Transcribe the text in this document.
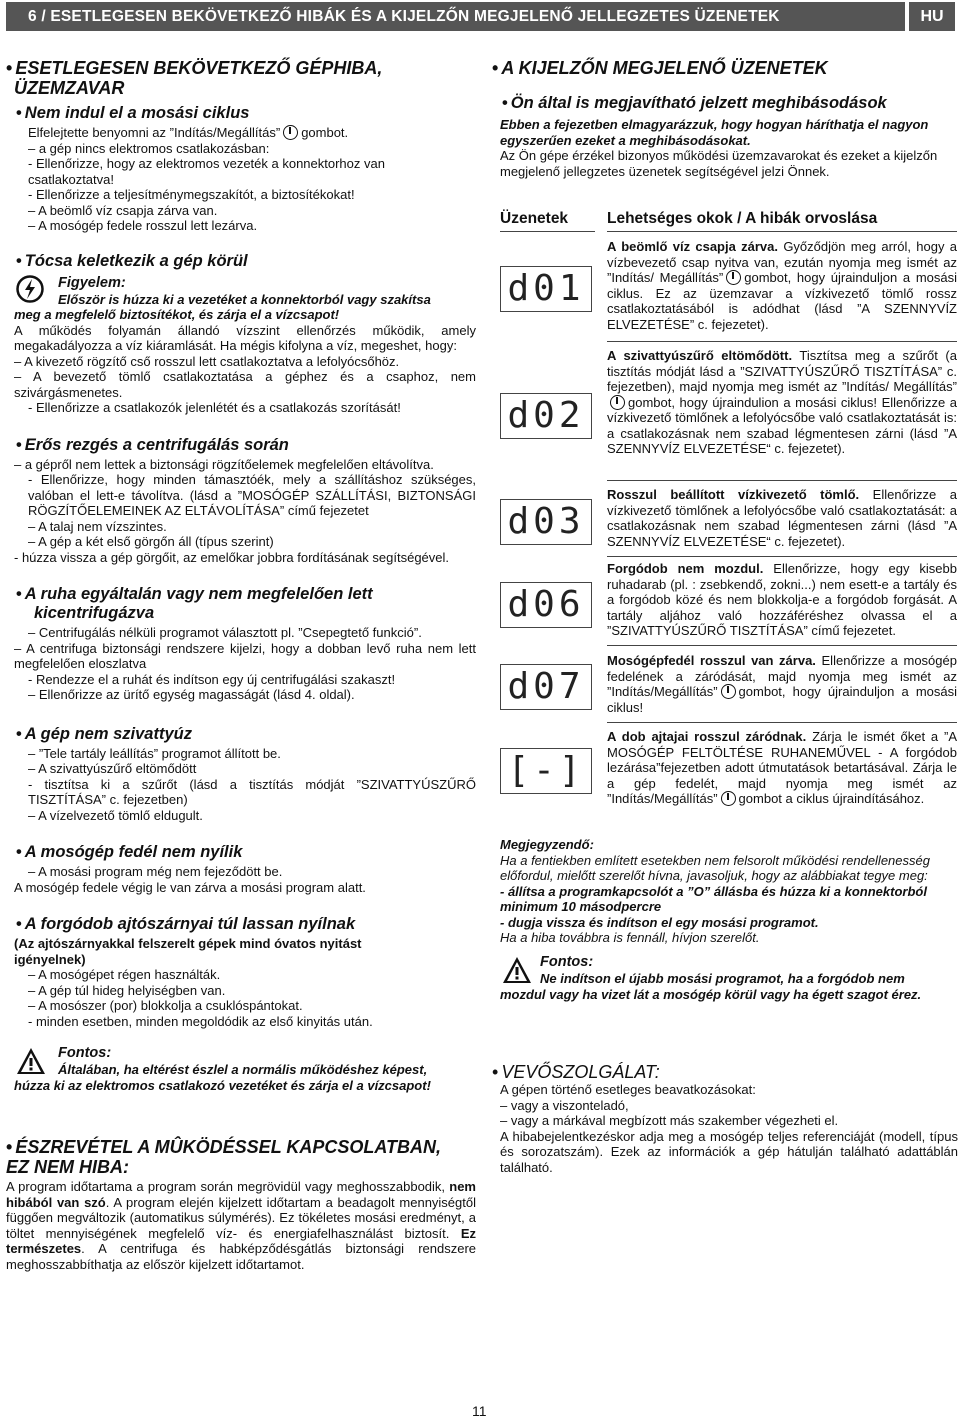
6 / ESETLEGESEN BEKÖVETKEZŐ HIBÁK ÉS A KIJELZŐN MEGJELENŐ JELLEGZETES ÜZENETEK	HU

• ESETLEGESEN BEKÖVETKEZŐ GÉPHIBA,

ÜZEMZAVAR

• Nem indul el a mosási ciklus

Elfelejtette benyomni az ”Indítás/Megállítás” gombot.

– a gép nincs elektromos csatlakozásban:

- Ellenőrizze, hogy az elektromos vezeték a konnektorhoz van

csatlakoztatva!

- Ellenőrizze a teljesítménymegszakítót, a biztosítékokat!

– A beömlő víz csapja zárva van.

– A mosógép fedele rosszul lett lezárva.

• Tócsa keletkezik a gép körül

Figyelem:

Először is húzza ki a vezetéket a konnektorból vagy szakítsa

meg a megfelelő biztosítékot, és zárja el a vízcsapot!

A működés folyamán állandó vízszint ellenőrzés működik, amely megakadályozza a víz kiáramlását. Ha mégis kifolyna a víz, megeshet, hogy:

– A kivezető rögzítő cső rosszul lett csatlakoztatva a lefolyócsőhöz.

– A bevezető tömlő csatlakoztatása a géphez és a csaphoz, nem szivárgásmenetes.

- Ellenőrizze a csatlakozók jelenlétét és a csatlakozás szorítását!

• Erős rezgés a centrifugálás során

– a gépről nem lettek a biztonsági rögzítőelemek megfelelően eltávolítva.

- Ellenőrizze, hogy minden támasztóék, mely a szállításhoz szükséges, valóban el lett-e távolítva. (lásd a ”MOSÓGÉP SZÁLLÍTÁSI, BIZTONSÁGI RÖGZÍTŐELEMEINEK AZ ELTÁVOLÍTÁSA” című fejezetet

– A talaj nem vízszintes.

– A gép a két első görgőn áll (típus szerint)

- húzza vissza a gép görgőit, az emelőkar jobbra fordításának segítségével.

• A ruha egyáltalán vagy nem megfelelően lett

kicentrifugázva

– Centrifugálás nélküli programot választott pl. ”Csepegtető funkció”.

– A centrifuga biztonsági rendszere kijelzi, hogy a dobban levő ruha nem lett megfelelően eloszlatva

- Rendezze el a ruhát és indítson egy új centrifugálási szakaszt!

– Ellenőrizze az ürítő egység magasságát (lásd 4. oldal).

• A gép nem szivattyúz

– ”Tele tartály leállítás” programot állított be.

– A szivattyúszűrő eltömődött

- tisztítsa ki a szűrőt (lásd a tisztítás módját ”SZIVATTYÚSZŰRŐ TISZTÍTÁSA” c. fejezetben)

– A vízelvezető tömlő eldugult.

• A mosógép fedél nem nyílik

– A mosási program még nem fejeződött be.

A mosógép fedele végig le van zárva a mosási program alatt.

• A forgódob ajtószárnyai túl lassan nyílnak

(Az ajtószárnyakkal felszerelt gépek mind óvatos nyitást igényelnek)

– A mosógépet régen használták.

– A gép túl hideg helyiségben van.

– A mosószer (por) blokkolja a csuklóspántokat.

- minden esetben, minden megoldódik az első kinyitás után.

Fontos:

Általában, ha eltérést észlel a normális működéshez képest,

húzza ki az elektromos csatlakozó vezetéket és zárja el a vízcsapot!

• ÉSZREVÉTEL A MÛKÖDÉSSEL KAPCSOLATBAN,

EZ NEM HIBA:

A program időtartama a program során megrövidül vagy meghosszabbodik, nem hibából van szó. A program elején kijelzett időtartam a beadagolt mennyiségtől függően megváltozik (automatikus súlymérés). Ez tökéletes mosási eredményt, a töltet mennyiségének megfelelő víz- és energiafelhasználást biztosít. Ez természetes. A centrifuga és habképződésgátlás biztonsági rendszere meghosszabbíthatja az először kijelzett időtartamot.

• A KIJELZŐN MEGJELENŐ ÜZENETEK

• Ön által is megjavítható jelzett meghibásodások

Ebben a fejezetben elmagyarázzuk, hogy hogyan háríthatja el nagyon egyszerűen ezeket a meghibásodásokat.

Az Ön gépe érzékel bizonyos működési üzemzavarokat és ezeket a kijelzőn megjelenő jellegzetes üzenetek segítségével jelzi Önnek.

Üzenetek	Lehetséges okok / A hibák orvoslása
d01
d02
d03
d06
d07
[-]
A beömlő víz csapja zárva. Győződjön meg arról, hogy a vízbevezető csap nyitva van, ezután nyomja meg ismét az ”Indítás/ Megállítás” gombot, hogy újrainduljon a mosási ciklus. Ez az üzemzavar a vízkivezető tömlő rossz csatlakoztatásából is adódhat (lásd ”A SZENNYVÍZ ELVEZETÉSE” c. fejezetet).
A szivattyúszűrő eltömődött. Tisztítsa meg a szűrőt (a tisztítás módját lásd a ”SZIVATTYÚSZŰRŐ TISZTÍTÁSA” c. fejezetben), majd nyomja meg ismét az ”Indítás/ Megállítás”gombot, hogy újraindulion a mosási ciklus! Ellenőrizze a vízkivezető tömlőnek a lefolyócsőbe való csatlakoztatását is: a csatlakozásnak nem szabad légmentesen zárni (lásd ”A SZENNYVÍZ ELVEZETÉSE“ c. fejezetet).
Rosszul beállított vízkivezető tömlő. Ellenőrizze a vízkivezető tömlőnek a lefolyócsőbe való csatlakoztatását: a csatlakozásnak nem szabad légmentesen zárni (lásd ”A SZENNYVÍZ ELVEZETÉSE“ c. fejezetet).
Forgódob nem mozdul. Ellenőrizze, hogy egy kisebb ruhadarab (pl. : zsebkendő, zokni...) nem esett-e a tartály és a forgódob közé és nem blokkolja-e a forgódob forgását. A tartály aljához való hozzáféréshez olvassa el a ”SZIVATTYÚSZŰRŐ TISZTÍTÁSA” című fejezetet.
Mosógépfedél rosszul van zárva. Ellenőrizze a mosógép fedelének a záródását, majd nyomja meg ismét az ”Indítás/Megállítás” gombot, hogy újrainduljon a mosási ciklus!
A dob ajtajai rosszul záródnak. Zárja le ismét őket a ”A MOSÓGÉP FELTÖLTÉSE RUHANEMŰVEL - A forgódob lezárása”fejezetben adott útmutatások betartásával. Zárja le a gép fedelét, majd nyomja meg ismét az ”Indítás/Megállítás” gombot a ciklus újraindításához.

Megjegyzendő:

Ha a fentiekben említett esetekben nem felsorolt működési rendellenesség előfordul, mielőtt szerelőt hívna, javasoljuk, hogy az alábbiakat tegye meg:

- állítsa a programkapcsolót a ”O” állásba és húzza ki a konnektorból minimum 10 másodpercre

- dugja vissza és indítson el egy mosási programot.

Ha a hiba továbbra is fennáll, hívjon szerelőt.

Fontos:

Ne indítson el újabb mosási programot, ha a forgódob nem

mozdul vagy ha vizet lát a mosógép körül vagy ha égett szagot érez.

• VEVŐSZOLGÁLAT:

A gépen történő esetleges beavatkozásokat:

– vagy a viszonteladó,

– vagy a márkával megbízott más szakember végezheti el.

A hibabejelentkezéskor adja meg a mosógép teljes referenciáját (modell, típus és sorozatszám). Ezek az információk a gép hátulján található adattáblán található.

11
